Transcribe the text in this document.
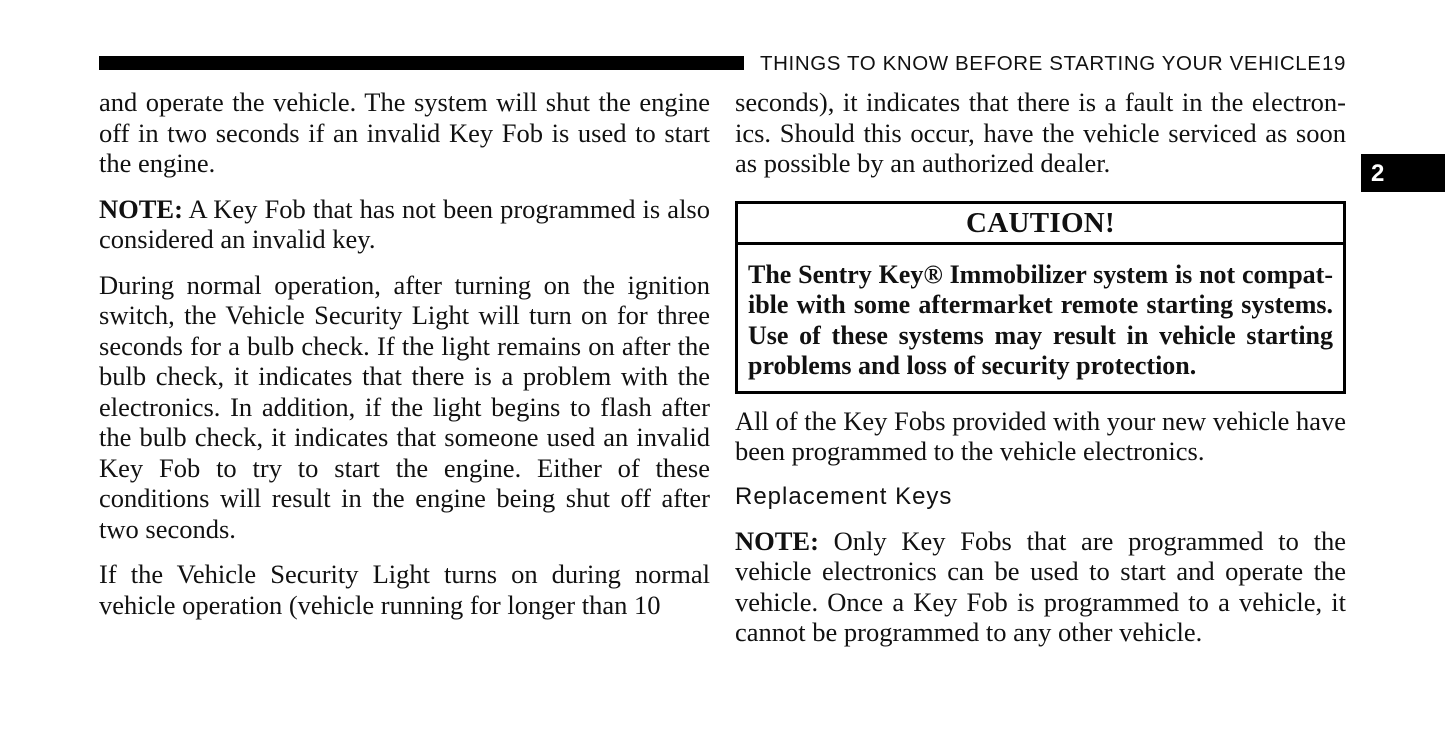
THINGS TO KNOW BEFORE STARTING YOUR VEHICLE 19
2

and operate the vehicle. The system will shut the engine off in two seconds if an invalid Key Fob is used to start the engine.

NOTE: A Key Fob that has not been programmed is also considered an invalid key.

During normal operation, after turning on the ignition switch, the Vehicle Security Light will turn on for three seconds for a bulb check. If the light remains on after the bulb check, it indicates that there is a problem with the electronics. In addition, if the light begins to flash after the bulb check, it indicates that someone used an invalid Key Fob to try to start the engine. Either of these conditions will result in the engine being shut off after two seconds.

If the Vehicle Security Light turns on during normal vehicle operation (vehicle running for longer than 10

seconds), it indicates that there is a fault in the electronics. Should this occur, have the vehicle serviced as soon as possible by an authorized dealer.

CAUTION!
The Sentry Key® Immobilizer system is not compatible with some aftermarket remote starting systems. Use of these systems may result in vehicle starting problems and loss of security protection.

All of the Key Fobs provided with your new vehicle have been programmed to the vehicle electronics.

Replacement Keys

NOTE: Only Key Fobs that are programmed to the vehicle electronics can be used to start and operate the vehicle. Once a Key Fob is programmed to a vehicle, it cannot be programmed to any other vehicle.
